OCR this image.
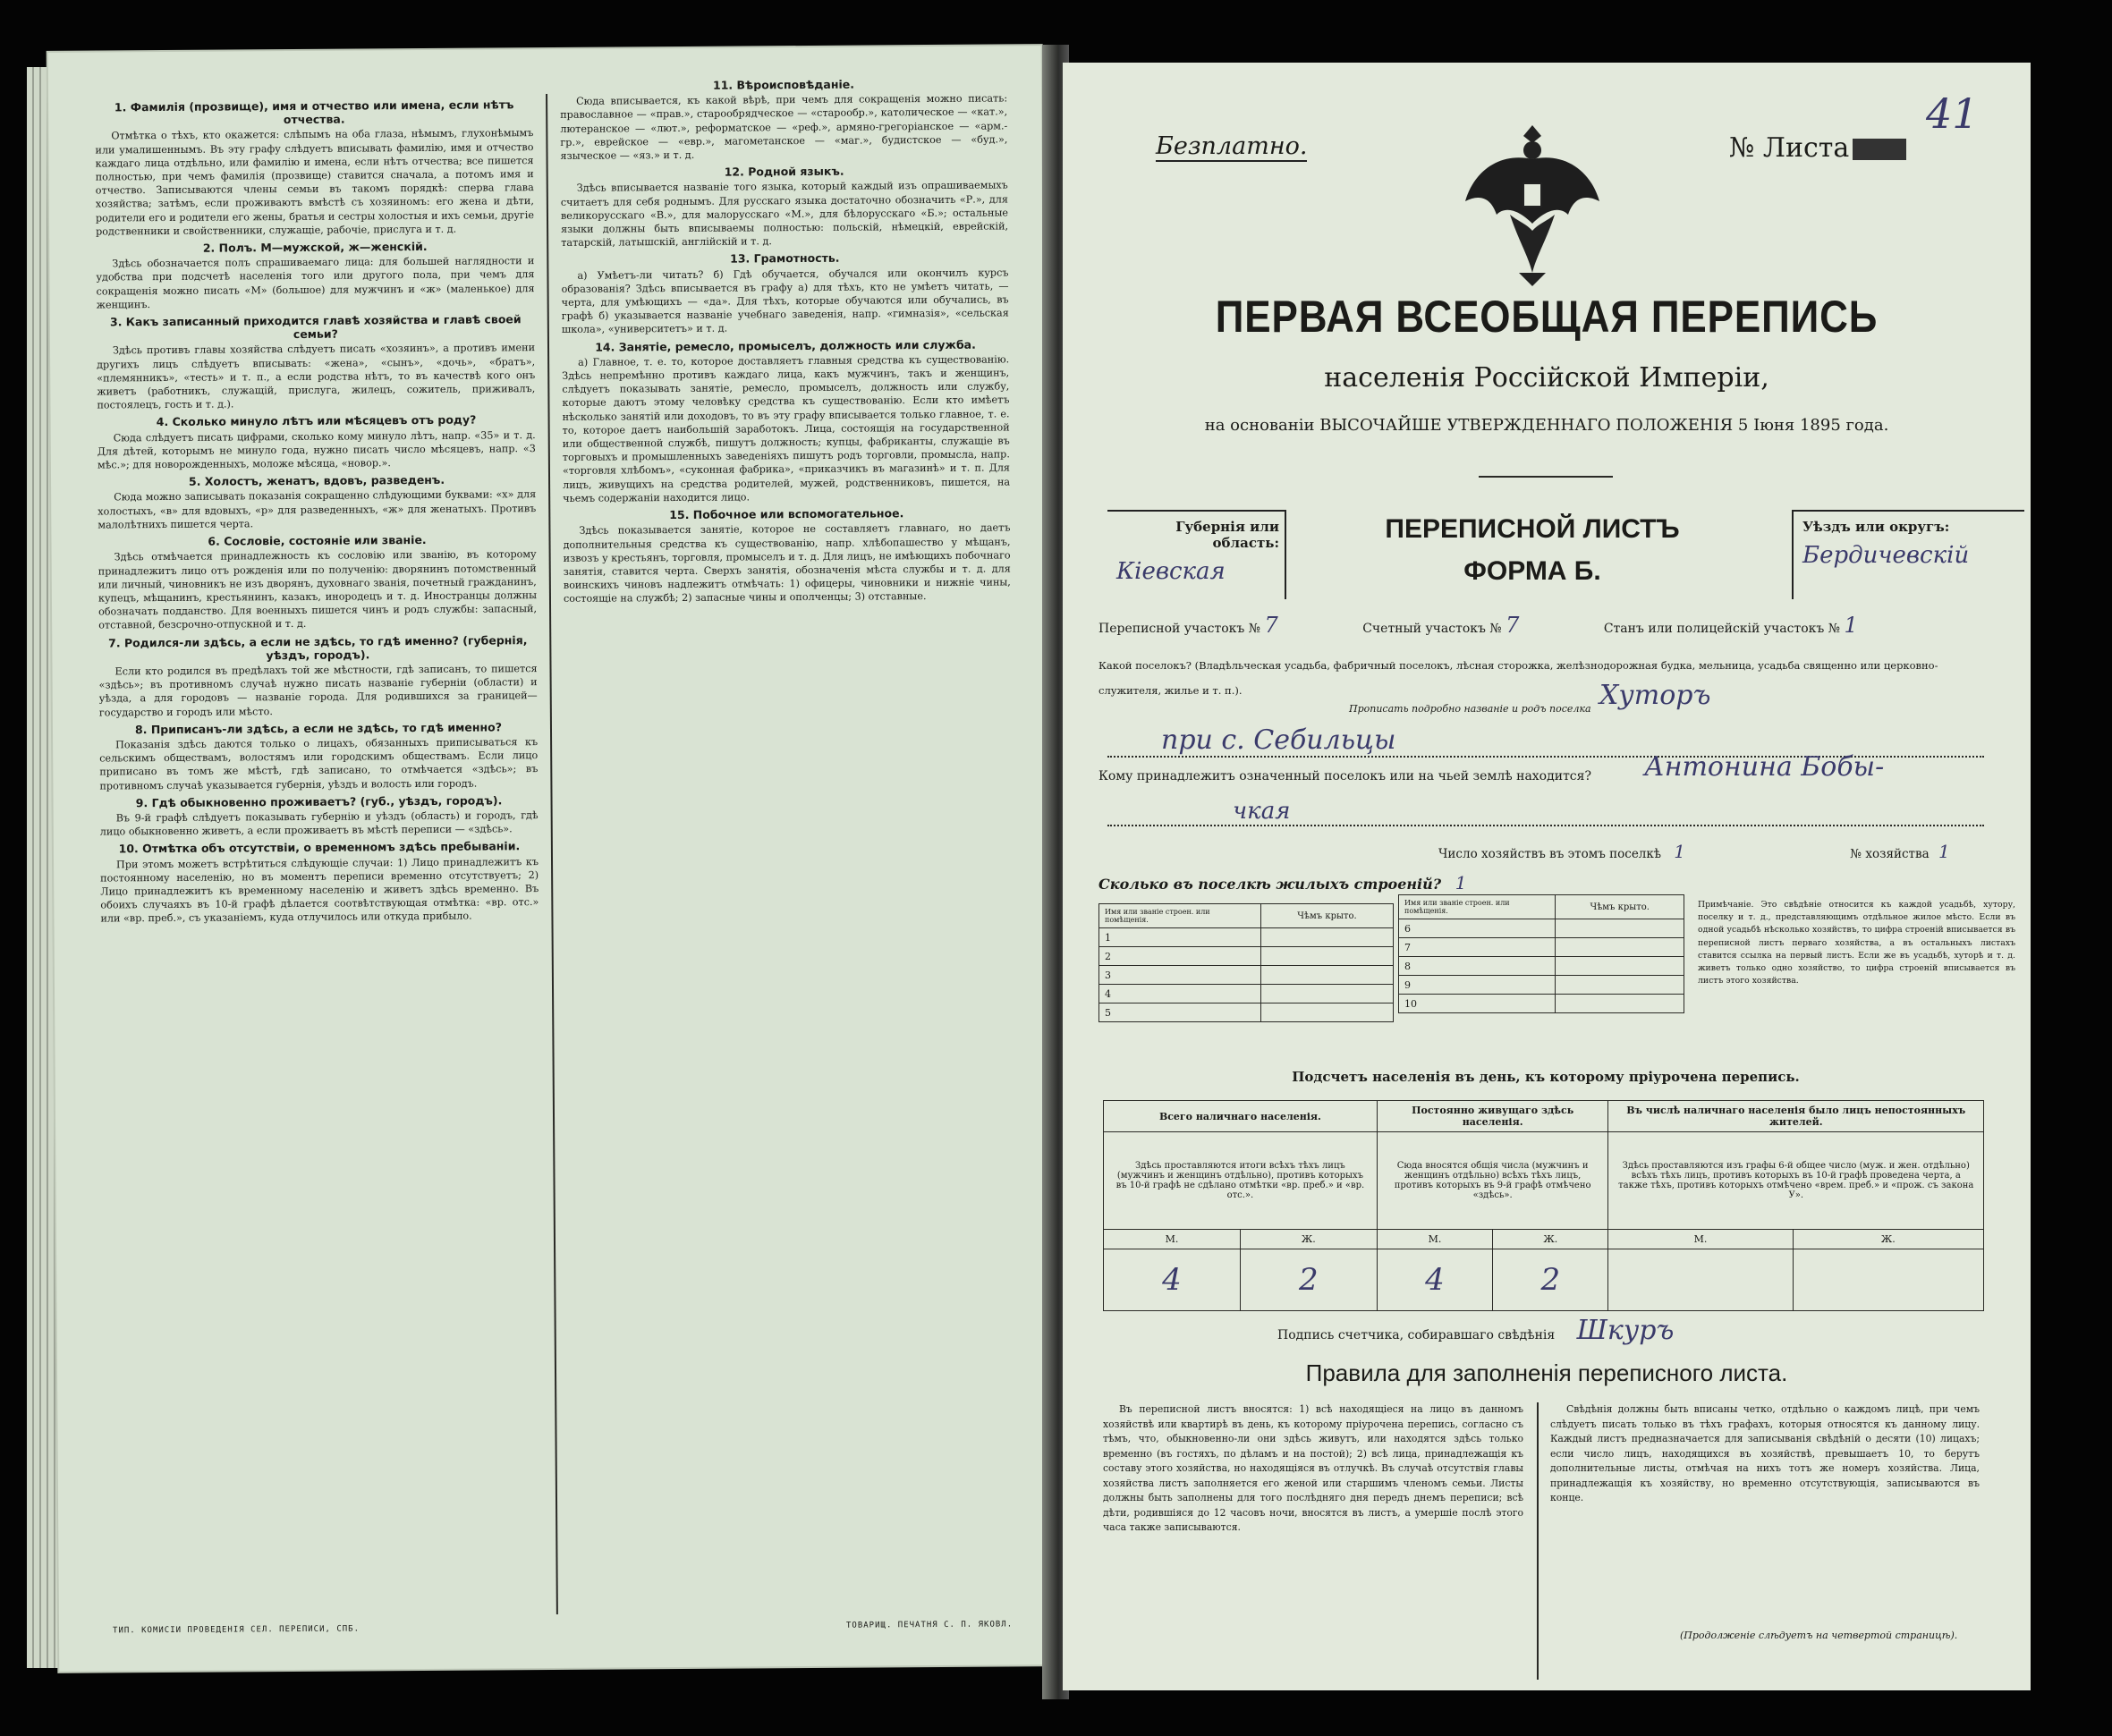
1. Фамилія (прозвище), имя и отчество или имена, если нѣтъ отчества.

Отмѣтка о тѣхъ, кто окажется: слѣпымъ на оба глаза, нѣмымъ, глухонѣмымъ или умалишеннымъ. Въ эту графу слѣдуетъ вписывать фамилію, имя и отчество каждаго лица отдѣльно, или фамилію и имена, если нѣтъ отчества; все пишется полностью, при чемъ фамилія (прозвище) ставится сначала, а потомъ имя и отчество. Записываются члены семьи въ такомъ порядкѣ: сперва глава хозяйства; затѣмъ, если проживаютъ вмѣстѣ съ хозяиномъ: его жена и дѣти, родители его и родители его жены, братья и сестры холостыя и ихъ семьи, другіе родственники и свойственники, служащіе, рабочіе, прислуга и т. д.

2. Полъ. М—мужской, ж—женскій.

Здѣсь обозначается полъ спрашиваемаго лица: для большей наглядности и удобства при подсчетѣ населенія того или другого пола, при чемъ для сокращенія можно писать «М» (большое) для мужчинъ и «ж» (маленькое) для женщинъ.

3. Какъ записанный приходится главѣ хозяйства и главѣ своей семьи?

Здѣсь противъ главы хозяйства слѣдуетъ писать «хозяинъ», а противъ имени другихъ лицъ слѣдуетъ вписывать: «жена», «сынъ», «дочь», «братъ», «племянникъ», «тесть» и т. п., а если родства нѣтъ, то въ качествѣ кого онъ живетъ (работникъ, служащій, прислуга, жилецъ, сожитель, приживалъ, постоялецъ, гость и т. д.).

4. Сколько минуло лѣтъ или мѣсяцевъ отъ роду?

Сюда слѣдуетъ писать цифрами, сколько кому минуло лѣтъ, напр. «35» и т. д. Для дѣтей, которымъ не минуло года, нужно писать число мѣсяцевъ, напр. «3 мѣс.»; для новорожденныхъ, моложе мѣсяца, «новор.».

5. Холостъ, женатъ, вдовъ, разведенъ.

Сюда можно записывать показанія сокращенно слѣдующими буквами: «х» для холостыхъ, «в» для вдовыхъ, «р» для разведенныхъ, «ж» для женатыхъ. Противъ малолѣтнихъ пишется черта.

6. Сословіе, состояніе или званіе.

Здѣсь отмѣчается принадлежность къ сословію или званію, въ которому принадлежитъ лицо отъ рожденія или по полученію: дворянинъ потомственный или личный, чиновникъ не изъ дворянъ, духовнаго званія, почетный гражданинъ, купецъ, мѣщанинъ, крестьянинъ, казакъ, инородецъ и т. д. Иностранцы должны обозначать подданство. Для военныхъ пишется чинъ и родъ службы: запасный, отставной, безсрочно-отпускной и т. д.

7. Родился-ли здѣсь, а если не здѣсь, то гдѣ именно? (губернія, уѣздъ, городъ).

Если кто родился въ предѣлахъ той же мѣстности, гдѣ записанъ, то пишется «здѣсь»; въ противномъ случаѣ нужно писать названіе губерніи (области) и уѣзда, а для городовъ — названіе города. Для родившихся за границей—государство и городъ или мѣсто.

8. Приписанъ-ли здѣсь, а если не здѣсь, то гдѣ именно?

Показанія здѣсь даются только о лицахъ, обязанныхъ приписываться къ сельскимъ обществамъ, волостямъ или городскимъ обществамъ. Если лицо приписано въ томъ же мѣстѣ, гдѣ записано, то отмѣчается «здѣсь»; въ противномъ случаѣ указывается губернія, уѣздъ и волость или городъ.

9. Гдѣ обыкновенно проживаетъ? (губ., уѣздъ, городъ).

Въ 9-й графѣ слѣдуетъ показывать губернію и уѣздъ (область) и городъ, гдѣ лицо обыкновенно живетъ, а если проживаетъ въ мѣстѣ переписи — «здѣсь».

10. Отмѣтка объ отсутствіи, о временномъ здѣсь пребываніи.

При этомъ можетъ встрѣтиться слѣдующіе случаи: 1) Лицо принадлежитъ къ постоянному населенію, но въ моментъ переписи временно отсутствуетъ; 2) Лицо принадлежитъ къ временному населенію и живетъ здѣсь временно. Въ обоихъ случаяхъ въ 10-й графѣ дѣлается соотвѣтствующая отмѣтка: «вр. отс.» или «вр. преб.», съ указаніемъ, куда отлучилось или откуда прибыло.

11. Вѣроисповѣданіе.

Сюда вписывается, къ какой вѣрѣ, при чемъ для сокращенія можно писать: православное — «прав.», старообрядческое — «старообр.», католическое — «кат.», лютеранское — «лют.», реформатское — «реф.», армяно-грегоріанское — «арм.-гр.», еврейское — «евр.», магометанское — «маг.», будистское — «буд.», языческое — «яз.» и т. д.

12. Родной языкъ.

Здѣсь вписывается названіе того языка, который каждый изъ опрашиваемыхъ считаетъ для себя роднымъ. Для русскаго языка достаточно обозначить «Р.», для великорусскаго «В.», для малорусскаго «М.», для бѣлорусскаго «Б.»; остальные языки должны быть вписываемы полностью: польскій, нѣмецкій, еврейскій, татарскій, латышскій, англійскій и т. д.

13. Грамотность.

а) Умѣетъ-ли читать? б) Гдѣ обучается, обучался или окончилъ курсъ образованія? Здѣсь вписывается въ графу а) для тѣхъ, кто не умѣетъ читать, — черта, для умѣющихъ — «да». Для тѣхъ, которые обучаются или обучались, въ графѣ б) указывается названіе учебнаго заведенія, напр. «гимназія», «сельская школа», «университетъ» и т. д.

14. Занятіе, ремесло, промыселъ, должность или служба.

а) Главное, т. е. то, которое доставляетъ главныя средства къ существованію. Здѣсь непремѣнно противъ каждаго лица, какъ мужчинъ, такъ и женщинъ, слѣдуетъ показывать занятіе, ремесло, промыселъ, должность или службу, которые даютъ этому человѣку средства къ существованію. Если кто имѣетъ нѣсколько занятій или доходовъ, то въ эту графу вписывается только главное, т. е. то, которое даетъ наибольшій заработокъ. Лица, состоящія на государственной или общественной службѣ, пишутъ должность; купцы, фабриканты, служащіе въ торговыхъ и промышленныхъ заведеніяхъ пишутъ родъ торговли, промысла, напр. «торговля хлѣбомъ», «суконная фабрика», «приказчикъ въ магазинѣ» и т. п. Для лицъ, живущихъ на средства родителей, мужей, родственниковъ, пишется, на чьемъ содержаніи находится лицо.

15. Побочное или вспомогательное.

Здѣсь показывается занятіе, которое не составляетъ главнаго, но даетъ дополнительныя средства къ существованію, напр. хлѣбопашество у мѣщанъ, извозъ у крестьянъ, торговля, промыселъ и т. д. Для лицъ, не имѣющихъ побочнаго занятія, ставится черта. Сверхъ занятія, обозначенія мѣста службы и т. д. для воинскихъ чиновъ надлежитъ отмѣчать: 1) офицеры, чиновники и нижніе чины, состоящіе на службѣ; 2) запасные чины и ополченцы; 3) отставные.

ТИП. КОМИСІИ ПРОВЕДЕНІЯ СЕЛ. ПЕРЕПИСИ, СПБ.	ТОВАРИЩ. ПЕЧАТНЯ С. П. ЯКОВЛ.
Безплатно.	№ Листа
41
ПЕРВАЯ ВСЕОБЩАЯ ПЕРЕПИСЬ
населенія Россійской Имперіи,
на основаніи ВЫСОЧАЙШЕ УТВЕРЖДЕННАГО ПОЛОЖЕНІЯ 5 Іюня 1895 года.
Губернія или область:
Кіевская
ПЕРЕПИСНОЙ ЛИСТЪ
ФОРМА Б.
Уѣздъ или округъ:
Бердичевскій
Переписной участокъ № 7	Счетный участокъ № 7	Станъ или полицейскій участокъ № 1
Какой поселокъ? (Владѣльческая усадьба, фабричный поселокъ, лѣсная сторожка, желѣзнодорожная будка, мельница, усадьба священно или церковно-служителя, жилье и т. п.).
Прописать подробно названіе и родъ поселка Хуторъ
при с. Себильцы
Кому принадлежитъ означенный поселокъ или на чьей землѣ находится? Антонина Бобы-
чкая
Число хозяйствъ въ этомъ поселкѣ 1	№ хозяйства 1
Сколько въ поселкѣ жилыхъ строеній? 1
Имя или званіе строен. или помѣщенія.	Чѣмъ крыто.
1	
2	
3	
4	
5	
Имя или званіе строен. или помѣщенія.	Чѣмъ крыто.
6	
7	
8	
9	
10	
Примѣчаніе. Это свѣдѣніе относится къ каждой усадьбѣ, хутору, поселку и т. д., представляющимъ отдѣльное жилое мѣсто. Если въ одной усадьбѣ нѣсколько хозяйствъ, то цифра строеній вписывается въ переписной листъ перваго хозяйства, а въ остальныхъ листахъ ставится ссылка на первый листъ. Если же въ усадьбѣ, хуторѣ и т. д. живетъ только одно хозяйство, то цифра строеній вписывается въ листъ этого хозяйства.
Подсчетъ населенія въ день, къ которому пріурочена перепись.
Всего наличнаго населенія.		Постоянно живущаго здѣсь населенія.		Въ числѣ наличнаго населенія было лицъ непостоянныхъ жителей.	
Здѣсь проставляются итоги всѣхъ тѣхъ лицъ (мужчинъ и женщинъ отдѣльно), противъ которыхъ въ 10-й графѣ не сдѣлано отмѣтки «вр. преб.» и «вр. отс.».		Сюда вносятся общія числа (мужчинъ и женщинъ отдѣльно) всѣхъ тѣхъ лицъ, противъ которыхъ въ 9-й графѣ отмѣчено «здѣсь».		Здѣсь проставляются изъ графы 6-й общее число (муж. и жен. отдѣльно) всѣхъ тѣхъ лицъ, противъ которыхъ въ 10-й графѣ проведена черта, а также тѣхъ, противъ которыхъ отмѣчено «врем. преб.» и «прож. съ закона У».	
М.	Ж.	М.	Ж.	М.	Ж.
4	2	4	2		
Подпись счетчика, собиравшаго свѣдѣнія Шкуръ
Правила для заполненія переписного листа.
Въ переписной листъ вносятся: 1) всѣ находящіеся на лицо въ данномъ хозяйствѣ или квартирѣ въ день, къ которому пріурочена перепись, согласно съ тѣмъ, что, обыкновенно-ли они здѣсь живутъ, или находятся здѣсь только временно (въ гостяхъ, по дѣламъ и на постой); 2) всѣ лица, принадлежащія къ составу этого хозяйства, но находящіяся въ отлучкѣ. Въ случаѣ отсутствія главы хозяйства листъ заполняется его женой или старшимъ членомъ семьи. Листы должны быть заполнены для того послѣдняго дня передъ днемъ переписи; всѣ дѣти, родившіяся до 12 часовъ ночи, вносятся въ листъ, а умершіе послѣ этого часа также записываются.
Свѣдѣнія должны быть вписаны четко, отдѣльно о каждомъ лицѣ, при чемъ слѣдуетъ писать только въ тѣхъ графахъ, которыя относятся къ данному лицу. Каждый листъ предназначается для записыванія свѣдѣній о десяти (10) лицахъ; если число лицъ, находящихся въ хозяйствѣ, превышаетъ 10, то берутъ дополнительные листы, отмѣчая на нихъ тотъ же номеръ хозяйства. Лица, принадлежащія къ хозяйству, но временно отсутствующія, записываются въ конце.
(Продолженіе слѣдуетъ на четвертой страницѣ).
